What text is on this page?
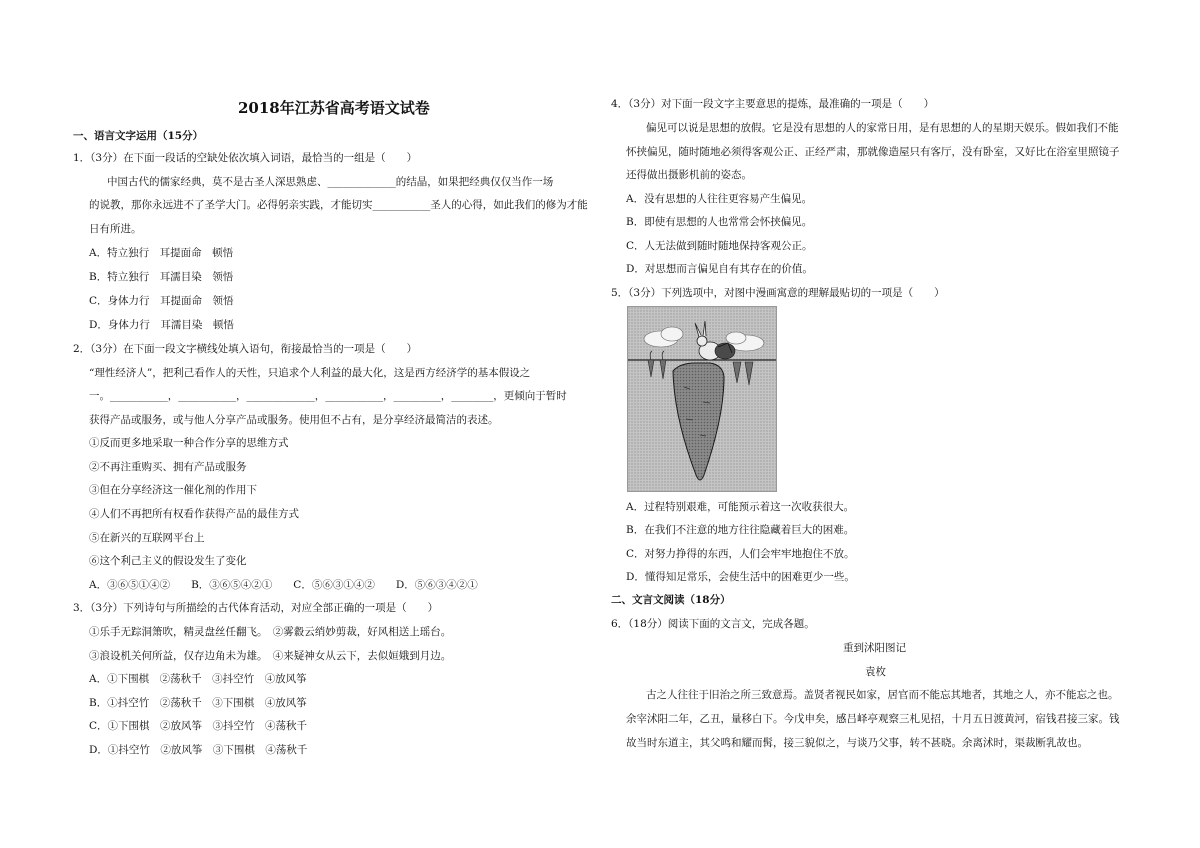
2018年江苏省高考语文试卷
一、语言文字运用（15分）
1．（3分）在下面一段话的空缺处依次填入词语，最恰当的一组是（　　）
中国古代的儒家经典，莫不是古圣人深思熟虑、_____________的结晶，如果把经典仅仅当作一场
的说教，那你永远进不了圣学大门。必得躬亲实践，才能切实___________圣人的心得，如此我们的修为才能
日有所进。
A．特立独行　耳提面命　顿悟
B．特立独行　耳濡目染　领悟
C．身体力行　耳提面命　领悟
D．身体力行　耳濡目染　顿悟
2．（3分）在下面一段文字横线处填入语句，衔接最恰当的一项是（　　）
“理性经济人”，把利己看作人的天性，只追求个人利益的最大化，这是西方经济学的基本假设之
一。___________，___________，_____________，___________，_________，________，更倾向于暂时
获得产品或服务，或与他人分享产品或服务。使用但不占有，是分享经济最简洁的表述。
①反而更多地采取一种合作分享的思维方式
②不再注重购买、拥有产品或服务
③但在分享经济这一催化剂的作用下
④人们不再把所有权看作获得产品的最佳方式
⑤在新兴的互联网平台上
⑥这个利己主义的假设发生了变化
A．③⑥⑤①④②　　B．③⑥⑤④②①　　C．⑤⑥③①④②　　D．⑤⑥③④②①
3．（3分）下列诗句与所描绘的古代体育活动，对应全部正确的一项是（　　）
①乐手无踪洞箫吹，精灵盘丝任翻飞。　②雾縠云绡妙剪裁，好风相送上瑶台。
③浪设机关何所益，仅存边角未为雄。　④来疑神女从云下，去似姮娥到月边。
A．①下围棋　②荡秋千　③抖空竹　④放风筝
B．①抖空竹　②荡秋千　③下围棋　④放风筝
C．①下围棋　②放风筝　③抖空竹　④荡秋千
D．①抖空竹　②放风筝　③下围棋　④荡秋千
4．（3分）对下面一段文字主要意思的提炼，最准确的一项是（　　）
偏见可以说是思想的放假。它是没有思想的人的家常日用，是有思想的人的星期天娱乐。假如我们不能
怀挟偏见，随时随地必须得客观公正、正经严肃，那就像造屋只有客厅，没有卧室，又好比在浴室里照镜子
还得做出摄影机前的姿态。
A．没有思想的人往往更容易产生偏见。
B．即使有思想的人也常常会怀挟偏见。
C．人无法做到随时随地保持客观公正。
D．对思想而言偏见自有其存在的价值。
5．（3分）下列选项中，对图中漫画寓意的理解最贴切的一项是（　　）
A．过程特别艰难，可能预示着这一次收获很大。
B．在我们不注意的地方往往隐藏着巨大的困难。
C．对努力挣得的东西，人们会牢牢地抱住不放。
D．懂得知足常乐，会使生活中的困难更少一些。
二、文言文阅读（18分）
6．（18分）阅读下面的文言文，完成各题。
重到沭阳图记
袁枚
古之人往往于旧治之所三致意焉。盖贤者视民如家，居官而不能忘其地者，其地之人，亦不能忘之也。
余宰沭阳二年，乙丑，量移白下。今戊申矣，感吕峄亭观察三札见招，十月五日渡黄河，宿钱君接三家。钱
故当时东道主，其父鸣和耀而髯，接三貌似之，与谈乃父事，转不甚晓。余离沭时，渠裁断乳故也。
